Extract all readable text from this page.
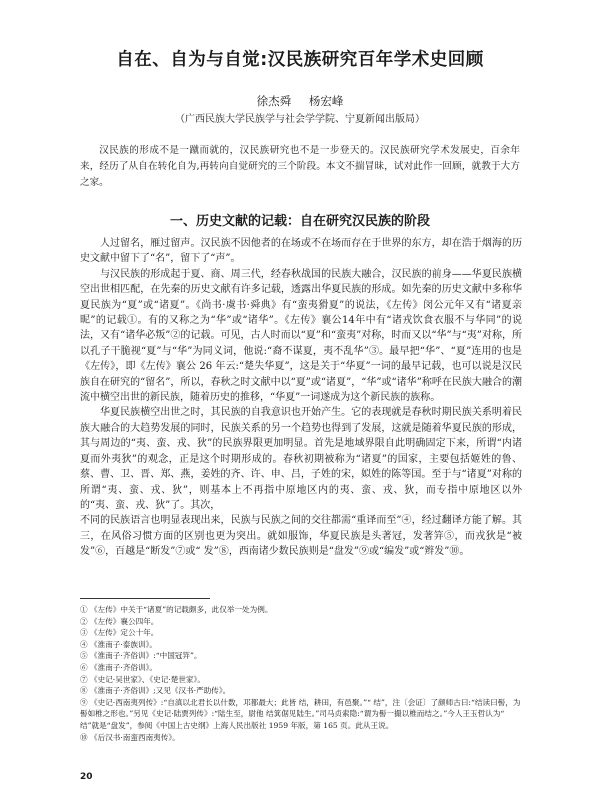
自在、自为与自觉:汉民族研究百年学术史回顾
徐杰舜 杨宏峰
（广西民族大学民族学与社会学学院、宁夏新闻出版局）

汉民族的形成不是一蹴而就的，汉民族研究也不是一步登天的。汉民族研究学术发展史，百余年来，经历了从自在转化自为,再转向自觉研究的三个阶段。本文不揣冒昧，试对此作一回顾，就教于大方之家。

一、历史文献的记载：自在研究汉民族的阶段

人过留名，雁过留声。汉民族不因他者的在场或不在场而存在于世界的东方，却在浩于烟海的历史文献中留下了“名”，留下了“声”。

与汉民族的形成起于夏、商、周三代，经春秋战国的民族大融合，汉民族的前身——华夏民族横空出世相匹配，在先秦的历史文献有许多记载，透露出华夏民族的形成。如先秦的历史文献中多称华夏民族为“夏”或“诸夏”。《尚书·虞书·舜典》有“蛮夷猾夏”的说法，《左传》闵公元年又有“诸夏亲昵”的记载①。有的又称之为“华”或“诸华”。《左传》襄公14年中有“诸戎饮食衣服不与华同”的说法，又有“诸华必叛”②的记载。可见，古人时而以“夏”和“蛮夷”对称，时而又以“华”与“夷”对称，所以孔子干脆视“夏”与“华”为同义词，他说:“裔不谋夏，夷不乱华”③。最早把“华”、“夏”连用的也是《左传》，即《左传》襄公 26 年云:“楚失华夏”，这是关于“华夏”一词的最早记载，也可以说是汉民族自在研究的“留名”，所以，春秋之时文献中以“夏”或“诸夏”，“华”或“诸华”称呼在民族大融合的潮流中横空出世的新民族，随着历史的推移，“华夏”一词遂成为这个新民族的族称。

华夏民族横空出世之时，其民族的自我意识也开始产生。它的表现就是春秋时期民族关系明着民族大融合的大趋势发展的同时，民族关系的另一个趋势也得到了发展，这就是随着华夏民族的形成，其与周边的“夷、蛮、戎、狄”的民族界限更加明显。首先是地域界限自此明确固定下来，所谓“内诸夏而外夷狄”的观念，正是这个时期形成的。春秋初期被称为“诸夏”的国家，主要包括姬姓的鲁、蔡、曹、卫、晋、郑、燕，姜姓的齐、许、申、吕，子姓的宋，姒姓的陈等国。至于与“诸夏”对称的所谓“夷、蛮、戎、狄”，则基本上不再指中原地区内的夷、蛮、戎、狄，而专指中原地区以外的“夷、蛮、戎、狄”了。其次，

不同的民族语言也明显表现出来，民族与民族之间的交往都需“重译而至”④，经过翻译方能了解。其三，在风俗习惯方面的区别也更为突出。就如服饰，华夏民族是头著冠，发著笄⑤，而戎狄是“被发”⑥，百越是“断发”⑦或“ 发”⑧，西南诸少数民族则是“盘发”⑨或“编发”或“辫发”⑩。

① 《左传》中关于“诸夏”的记载颇多，此仅举一处为例。

② 《左传》襄公四年。

③ 《左传》定公十年。

④ 《淮南子·泰族训》。

⑤ 《淮南子·齐俗训》:“中国冠笄”。

⑥ 《淮南子·齐俗训》。

⑦ 《史记·吴世家》、《史记·楚世家》。

⑧ 《淮南子·齐俗训》;又见《汉书·严助传》。

⑨ 《史记·西南夷列传》:“自滇以北君长以什数，邛都最大；此皆 结，耕田，有邑聚。”“ 结”，注〔会证〕了颜师古曰:“结读曰髻，为髻如椎之形也。”另见《史记·陆贾列传》:“陆生至，尉他 结箕倨见陆生。”司马贞索隐:“谓为髻一撮以椎而结之。”今人王玉哲认为“ 结”就是“盘发”，参阅《中国上古史纲》上海人民出版社 1959 年版，第 165 页。此从王说。

⑩ 《后汉书·南蛮西南夷传》。

20
